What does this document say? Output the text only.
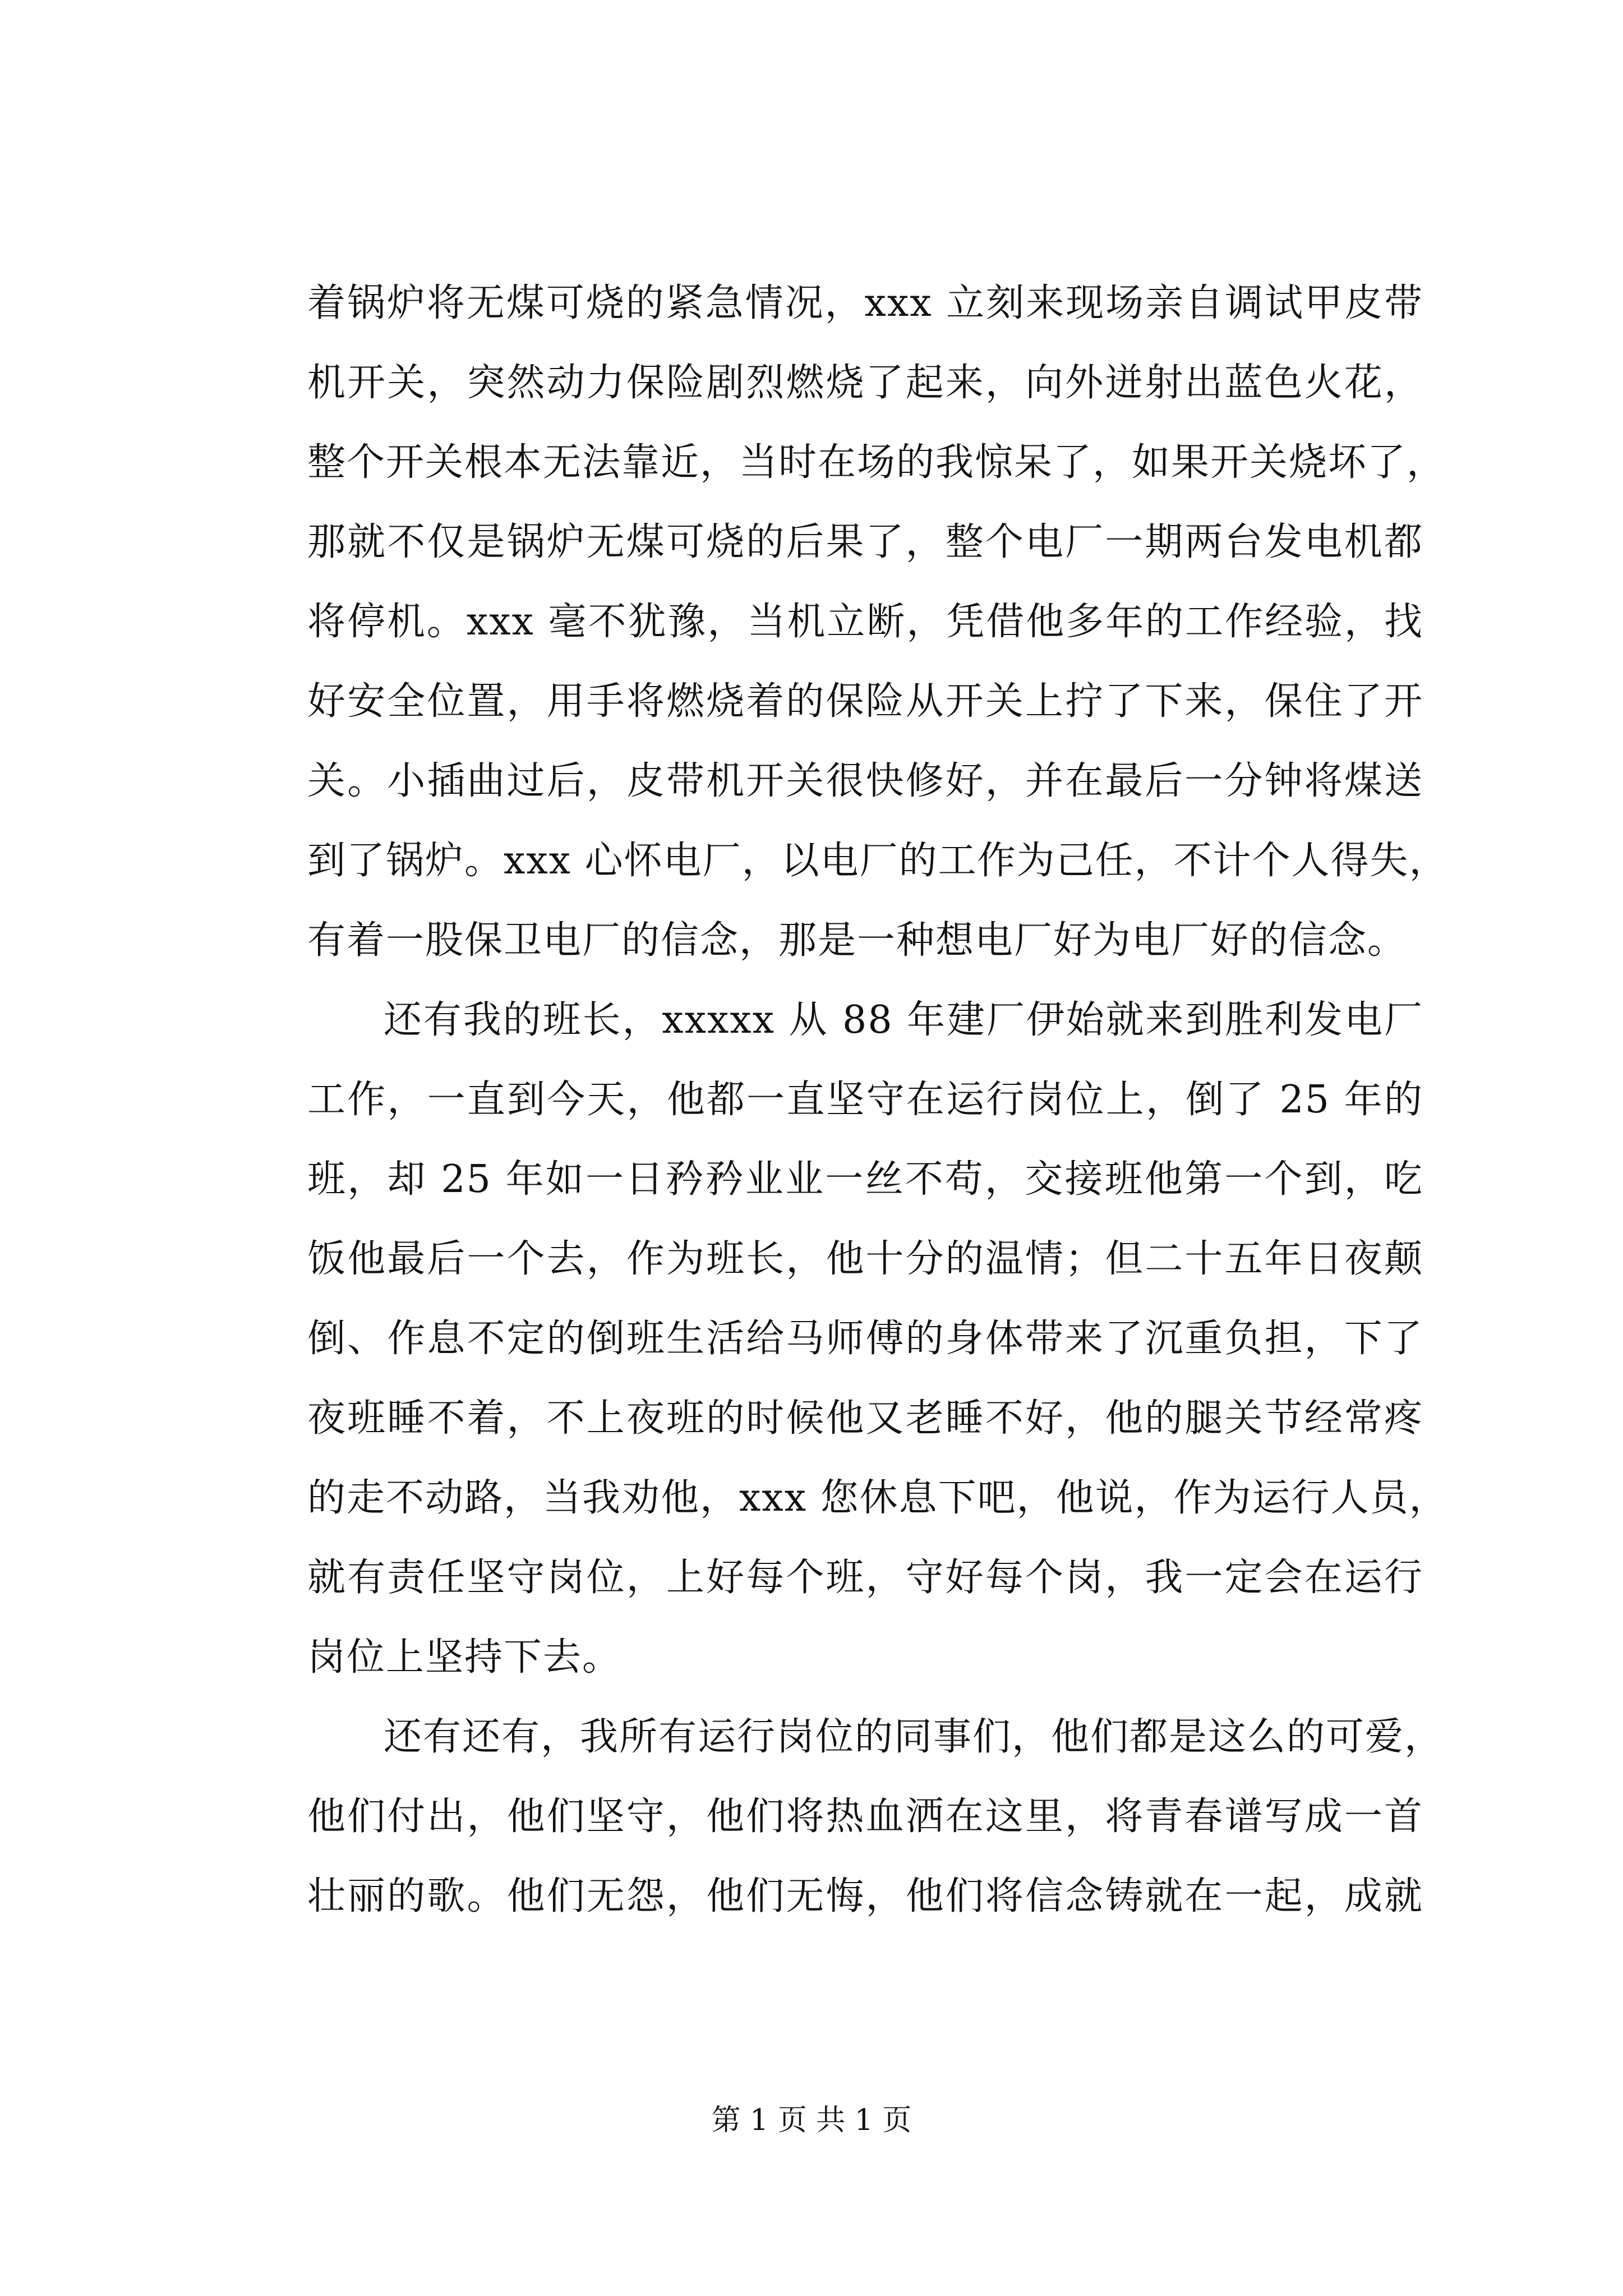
着锅炉将无煤可烧的紧急情况，xxx 立刻来现场亲自调试甲皮带
机开关，突然动力保险剧烈燃烧了起来，向外迸射出蓝色火花，
整个开关根本无法靠近，当时在场的我惊呆了，如果开关烧坏了，
那就不仅是锅炉无煤可烧的后果了，整个电厂一期两台发电机都
将停机。xxx 毫不犹豫，当机立断，凭借他多年的工作经验，找
好安全位置，用手将燃烧着的保险从开关上拧了下来，保住了开
关。小插曲过后，皮带机开关很快修好，并在最后一分钟将煤送
到了锅炉。xxx 心怀电厂，以电厂的工作为己任，不计个人得失，
有着一股保卫电厂的信念，那是一种想电厂好为电厂好的信念。
还有我的班长，xxxxx 从 88 年建厂伊始就来到胜利发电厂
工作，一直到今天，他都一直坚守在运行岗位上，倒了 25 年的
班，却 25 年如一日矜矜业业一丝不苟，交接班他第一个到，吃
饭他最后一个去，作为班长，他十分的温情；但二十五年日夜颠
倒、作息不定的倒班生活给马师傅的身体带来了沉重负担，下了
夜班睡不着，不上夜班的时候他又老睡不好，他的腿关节经常疼
的走不动路，当我劝他，xxx 您休息下吧，他说，作为运行人员，
就有责任坚守岗位，上好每个班，守好每个岗，我一定会在运行
岗位上坚持下去。
还有还有，我所有运行岗位的同事们，他们都是这么的可爱，
他们付出，他们坚守，他们将热血洒在这里，将青春谱写成一首
壮丽的歌。他们无怨，他们无悔，他们将信念铸就在一起，成就
第 1 页 共 1 页
